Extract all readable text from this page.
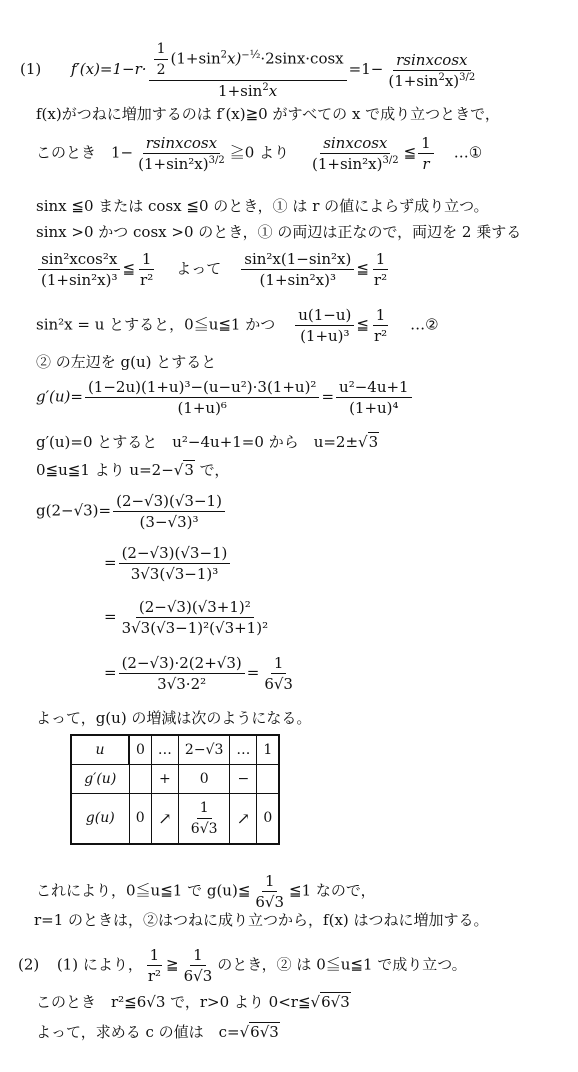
(1) $f'(x)=1-r\cdot \frac{\frac{1}{2} (1+\sin^2x)^{-\frac{1}{2}}\cdot 2\sin x\cdot\cos x}{1+\sin^2x} =1- \frac{\text{rsinxcosx}}{(1+\sin^2x)^{3/2}}$
f(x)がつねに増加するのは f′(x)≧0 がすべての x で成り立つときで，
このとき　$1- \frac{\text{rsinxcosx}}{(1+\sin^2x)^{3/2}}$ ≧0 より $\frac{\text{sinxcosx}}{(1+\sin^2x)^{3/2}}$ ≦ $\frac{1}{r}$ …①
sinx ≦0 または cosx ≦0 のとき，① は r の値によらず成り立つ。
sinx >0 かつ cosx >0 のとき，① の両辺は正なので，両辺を 2 乗する
$\frac{\text{sin²xcos²x}}{\text{(1+sin²x)³}}$ ≦ $\frac{1}{\text{r²}}$ よって $\frac{\text{sin²x(1−sin²x)}}{\text{(1+sin²x)³}}$ ≦ $\frac{1}{\text{r²}}$
sin²x = u とすると，0≦u≦1 かつ $\frac{u(1-u)}{\text{(1+u)³}}$ ≦ $\frac{1}{\text{r²}}$ …②
② の左辺を g(u) とすると
$g'(u)= \frac{\text{(1−2u)(1+u)³−(u−u²)·3(1+u)²}}{\text{(1+u)⁶}} = \frac{\text{u²−4u+1}}{\text{(1+u)⁴}}$
g′(u)=0 とすると　u²−4u+1=0 から　u=2±√3
0≦u≦1 より u=2−√3 で，
$g(2-√3)= \frac{(2-√3)(√3-1)}{\text{(3−√3)³}}$
= $\frac{(2-√3)(√3-1)}{\text{3√3(√3−1)³}}$
= $\frac{\text{(2−√3)(√3+1)²}}{\text{3√3(√3−1)²(√3+1)²}}$
= $\frac{(2-√3)\cdot 2(2+√3)}{\text{3√3·2²}} = \frac{1}{6√3}$
よって，g(u) の増減は次のようになる。
u	0	…	2−√3	…	1
g′(u)		+	0	−	
g(u)	0	↗	$\frac{1}{6√3}$	↗	0
これにより，0≦u≦1 で g(u)≦ $\frac{1}{6√3}$ ≦1 なので，
r=1 のときは，②はつねに成り立つから，f(x) はつねに増加する。
(2) (1) により， $\frac{1}{\text{r²}}$ ≧ $\frac{1}{6√3}$ のとき，② は 0≦u≦1 で成り立つ。
このとき　r²≦6√3 で，r>0 より 0<r≦√6√3
よって，求める c の値は　c=√6√3
